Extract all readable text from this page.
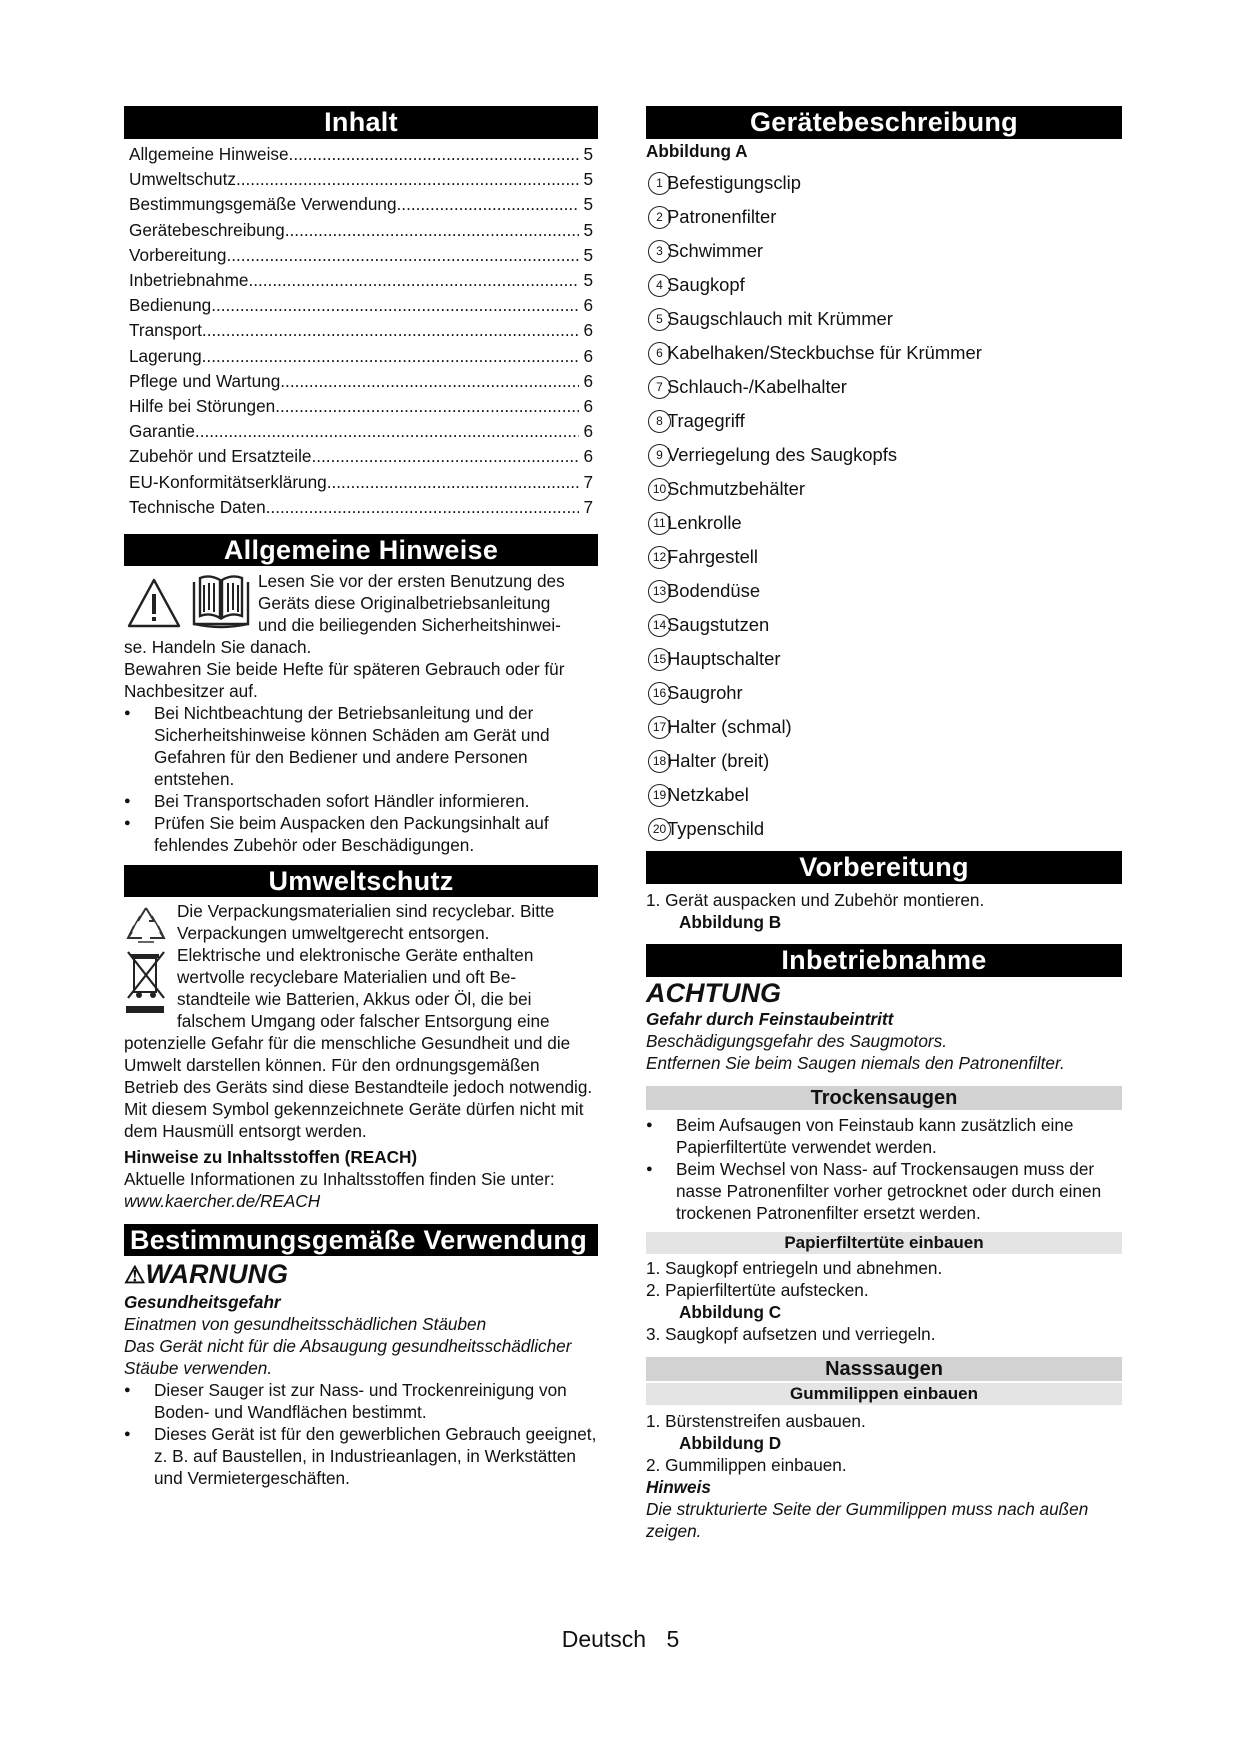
Inhalt
Allgemeine Hinweise .....	5
Umweltschutz .....	5
Bestimmungsgemäße Verwendung .....	5
Gerätebeschreibung .....	5
Vorbereitung .....	5
Inbetriebnahme .....	5
Bedienung .....	6
Transport .....	6
Lagerung .....	6
Pflege und Wartung .....	6
Hilfe bei Störungen .....	6
Garantie .....	6
Zubehör und Ersatzteile .....	6
EU-Konformitätserklärung .....	7
Technische Daten .....	7
Allgemeine Hinweise
Lesen Sie vor der ersten Benutzung des
Geräts diese Originalbetriebsanleitung
und die beiliegenden Sicherheitshinwei-
se. Handeln Sie danach.
Bewahren Sie beide Hefte für späteren Gebrauch oder für Nachbesitzer auf.
● Bei Nichtbeachtung der Betriebsanleitung und der Sicherheitshinweise können Schäden am Gerät und Gefahren für den Bediener und andere Personen entstehen.
● Bei Transportschaden sofort Händler informieren.
● Prüfen Sie beim Auspacken den Packungsinhalt auf fehlendes Zubehör oder Beschädigungen.
Umweltschutz
Die Verpackungsmaterialien sind recyclebar. Bitte Verpackungen umweltgerecht entsorgen.
Elektrische und elektronische Geräte enthalten
wertvolle recyclebare Materialien und oft Be-
standteile wie Batterien, Akkus oder Öl, die bei
falschem Umgang oder falscher Entsorgung eine
potenzielle Gefahr für die menschliche Gesundheit und die Umwelt darstellen können. Für den ordnungsgemäßen Betrieb des Geräts sind diese Bestandteile jedoch notwendig. Mit diesem Symbol gekennzeichnete Geräte dürfen nicht mit dem Hausmüll entsorgt werden.
Hinweise zu Inhaltsstoffen (REACH)
Aktuelle Informationen zu Inhaltsstoffen finden Sie unter: www.kaercher.de/REACH
Bestimmungsgemäße Verwendung
⚠WARNUNG
Gesundheitsgefahr
Einatmen von gesundheitsschädlichen Stäuben
Das Gerät nicht für die Absaugung gesundheitsschädlicher Stäube verwenden.
● Dieser Sauger ist zur Nass- und Trockenreinigung von Boden- und Wandflächen bestimmt.
● Dieses Gerät ist für den gewerblichen Gebrauch geeignet, z. B. auf Baustellen, in Industrieanlagen, in Werkstätten und Vermietergeschäften.
Gerätebeschreibung
Abbildung A
1 Befestigungsclip
2 Patronenfilter
3 Schwimmer
4 Saugkopf
5 Saugschlauch mit Krümmer
6 Kabelhaken/Steckbuchse für Krümmer
7 Schlauch-/Kabelhalter
8 Tragegriff
9 Verriegelung des Saugkopfs
10 Schmutzbehälter
11 Lenkrolle
12 Fahrgestell
13 Bodendüse
14 Saugstutzen
15 Hauptschalter
16 Saugrohr
17 Halter (schmal)
18 Halter (breit)
19 Netzkabel
20 Typenschild
Vorbereitung
1. Gerät auspacken und Zubehör montieren.
Abbildung B
Inbetriebnahme
ACHTUNG
Gefahr durch Feinstaubeintritt
Beschädigungsgefahr des Saugmotors.
Entfernen Sie beim Saugen niemals den Patronenfilter.
Trockensaugen
● Beim Aufsaugen von Feinstaub kann zusätzlich eine Papierfiltertüte verwendet werden.
● Beim Wechsel von Nass- auf Trockensaugen muss der nasse Patronenfilter vorher getrocknet oder durch einen trockenen Patronenfilter ersetzt werden.
Papierfiltertüte einbauen
1. Saugkopf entriegeln und abnehmen.
2. Papierfiltertüte aufstecken.
Abbildung C
3. Saugkopf aufsetzen und verriegeln.
Nasssaugen
Gummilippen einbauen
1. Bürstenstreifen ausbauen.
Abbildung D
2. Gummilippen einbauen.
Hinweis
Die strukturierte Seite der Gummilippen muss nach außen zeigen.
Deutsch 5
